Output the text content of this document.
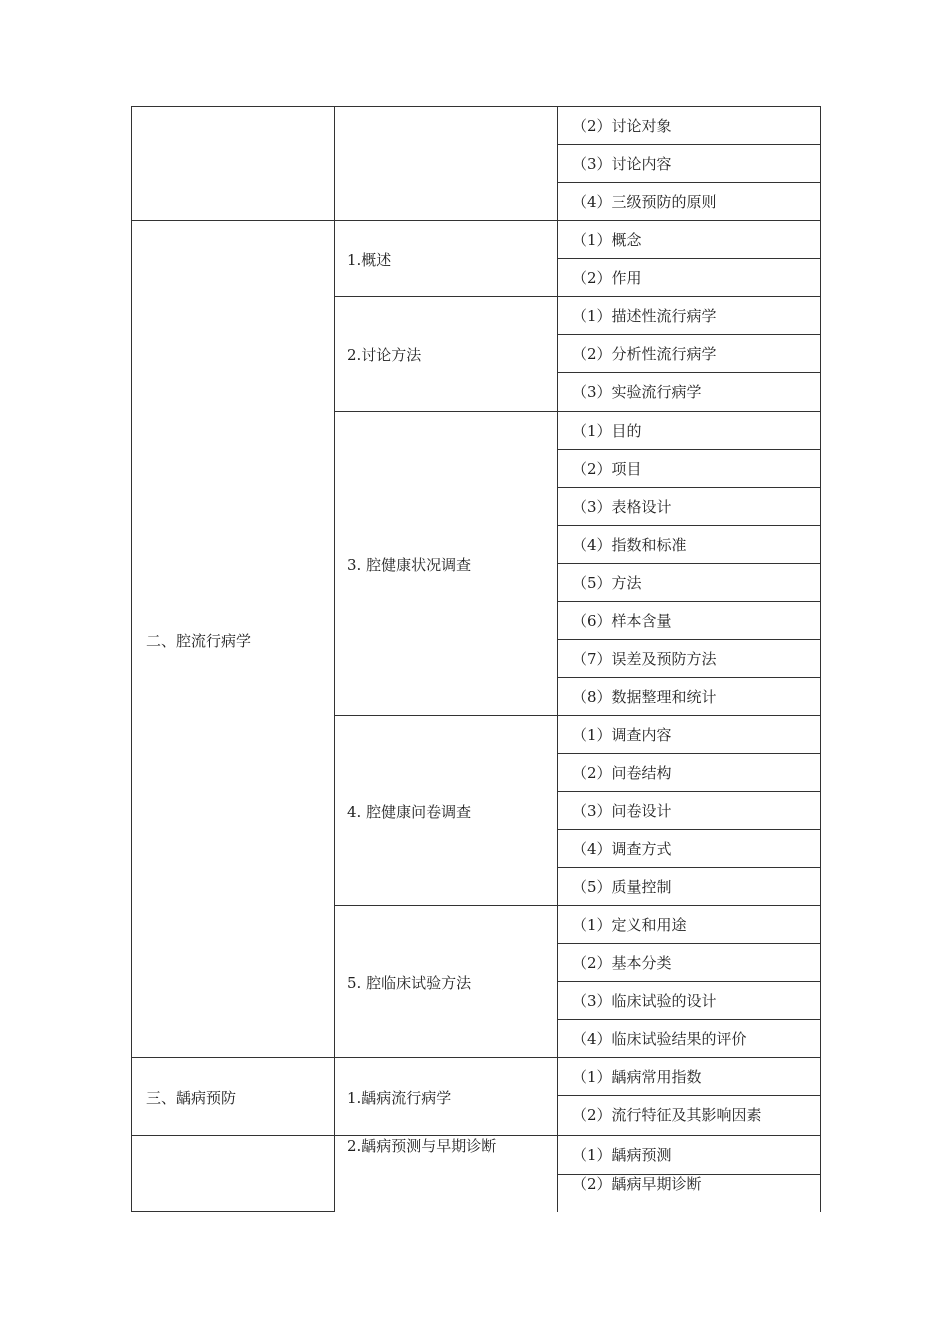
二、腔流行病学
三、龋病预防
1.概述
2.讨论方法
3. 腔健康状况调查
4. 腔健康问卷调查
5. 腔临床试验方法
1.龋病流行病学
2.龋病预测与早期诊断
（2）讨论对象
（3）讨论内容
（4）三级预防的原则
（1）概念
（2）作用
（1）描述性流行病学
（2）分析性流行病学
（3）实验流行病学
（1）目的
（2）项目
（3）表格设计
（4）指数和标准
（5）方法
（6）样本含量
（7）误差及预防方法
（8）数据整理和统计
（1）调查内容
（2）问卷结构
（3）问卷设计
（4）调查方式
（5）质量控制
（1）定义和用途
（2）基本分类
（3）临床试验的设计
（4）临床试验结果的评价
（1）龋病常用指数
（2）流行特征及其影响因素
（1）龋病预测
（2）龋病早期诊断
